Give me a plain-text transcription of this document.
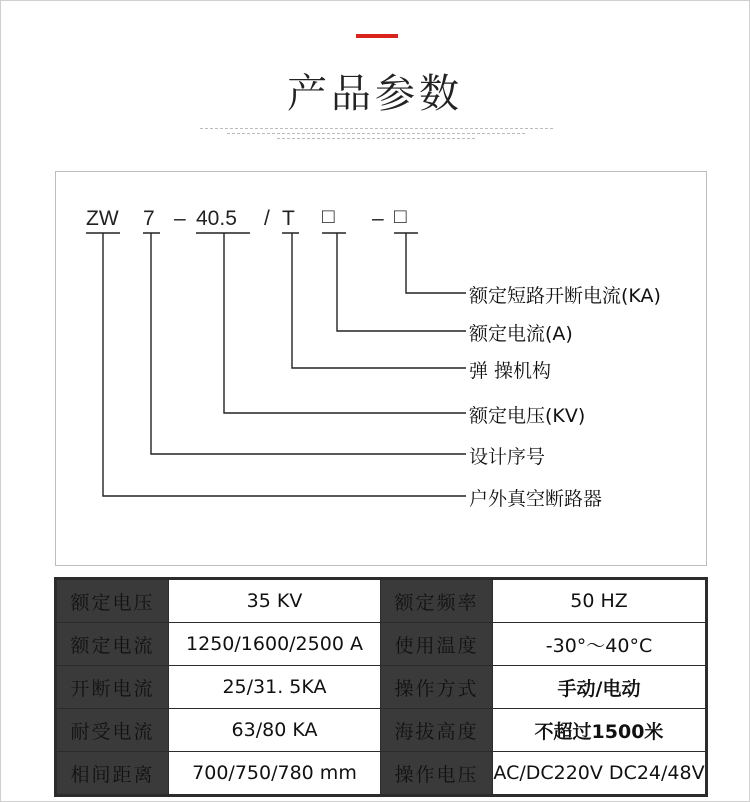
产品参数
ZW 7 – 40.5 / T □ – □
额定短路开断电流(KA)
额定电流(A)
弹 操机构
额定电压(KV)
设计序号
户外真空断路器
额定电压	35 KV	额定频率	50 HZ
额定电流	1250/1600/2500 A	使用温度	-30°～40°C
开断电流	25/31. 5KA	操作方式	手动/电动
耐受电流	63/80 KA	海拔高度	不超过1500米
相间距离	700/750/780 mm	操作电压	AC/DC220V DC24/48V
